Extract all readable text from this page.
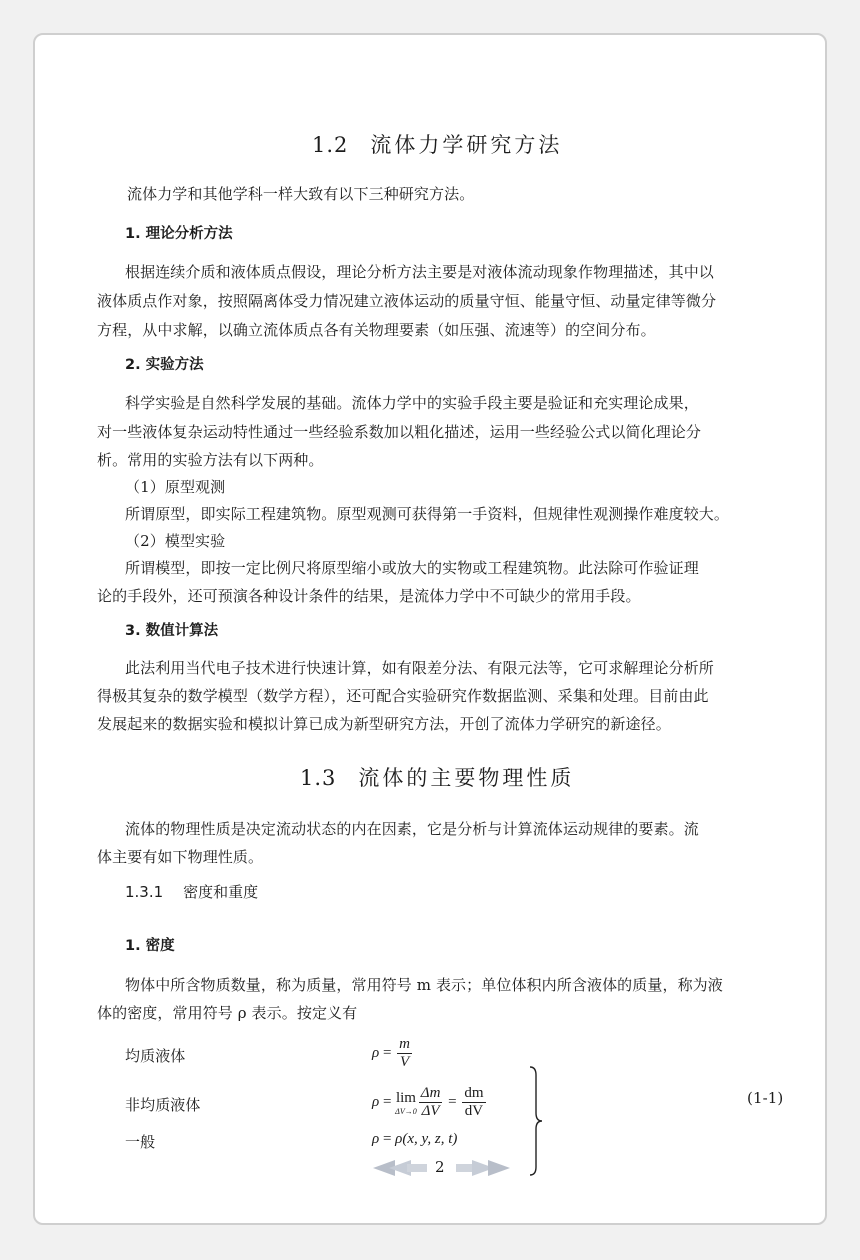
1.2 流体力学研究方法
流体力学和其他学科一样大致有以下三种研究方法。
1. 理论分析方法
根据连续介质和液体质点假设，理论分析方法主要是对液体流动现象作物理描述，其中以
液体质点作对象，按照隔离体受力情况建立液体运动的质量守恒、能量守恒、动量定律等微分
方程，从中求解，以确立流体质点各有关物理要素（如压强、流速等）的空间分布。
2. 实验方法
科学实验是自然科学发展的基础。流体力学中的实验手段主要是验证和充实理论成果，
对一些液体复杂运动特性通过一些经验系数加以粗化描述，运用一些经验公式以简化理论分
析。常用的实验方法有以下两种。
（1）原型观测
所谓原型，即实际工程建筑物。原型观测可获得第一手资料，但规律性观测操作难度较大。
（2）模型实验
所谓模型，即按一定比例尺将原型缩小或放大的实物或工程建筑物。此法除可作验证理
论的手段外，还可预演各种设计条件的结果，是流体力学中不可缺少的常用手段。
3. 数值计算法
此法利用当代电子技术进行快速计算，如有限差分法、有限元法等，它可求解理论分析所
得极其复杂的数学模型（数学方程），还可配合实验研究作数据监测、采集和处理。目前由此
发展起来的数据实验和模拟计算已成为新型研究方法，开创了流体力学研究的新途径。
1.3 流体的主要物理性质
流体的物理性质是决定流动状态的内在因素，它是分析与计算流体运动规律的要素。流
体主要有如下物理性质。
1.3.1 密度和重度
1. 密度
物体中所含物质数量，称为质量，常用符号 m 表示；单位体积内所含液体的质量，称为液
体的密度，常用符号 ρ 表示。按定义有
均质液体
非均质液体
一般
$\rho = \frac{m}{V}$
ρ = lim
$\Delta V\to 0 \frac{\Delta m}{\Delta V} = \frac{dm}{dV}$
ρ = ρ(x, y, z, t)
(1-1)
2
